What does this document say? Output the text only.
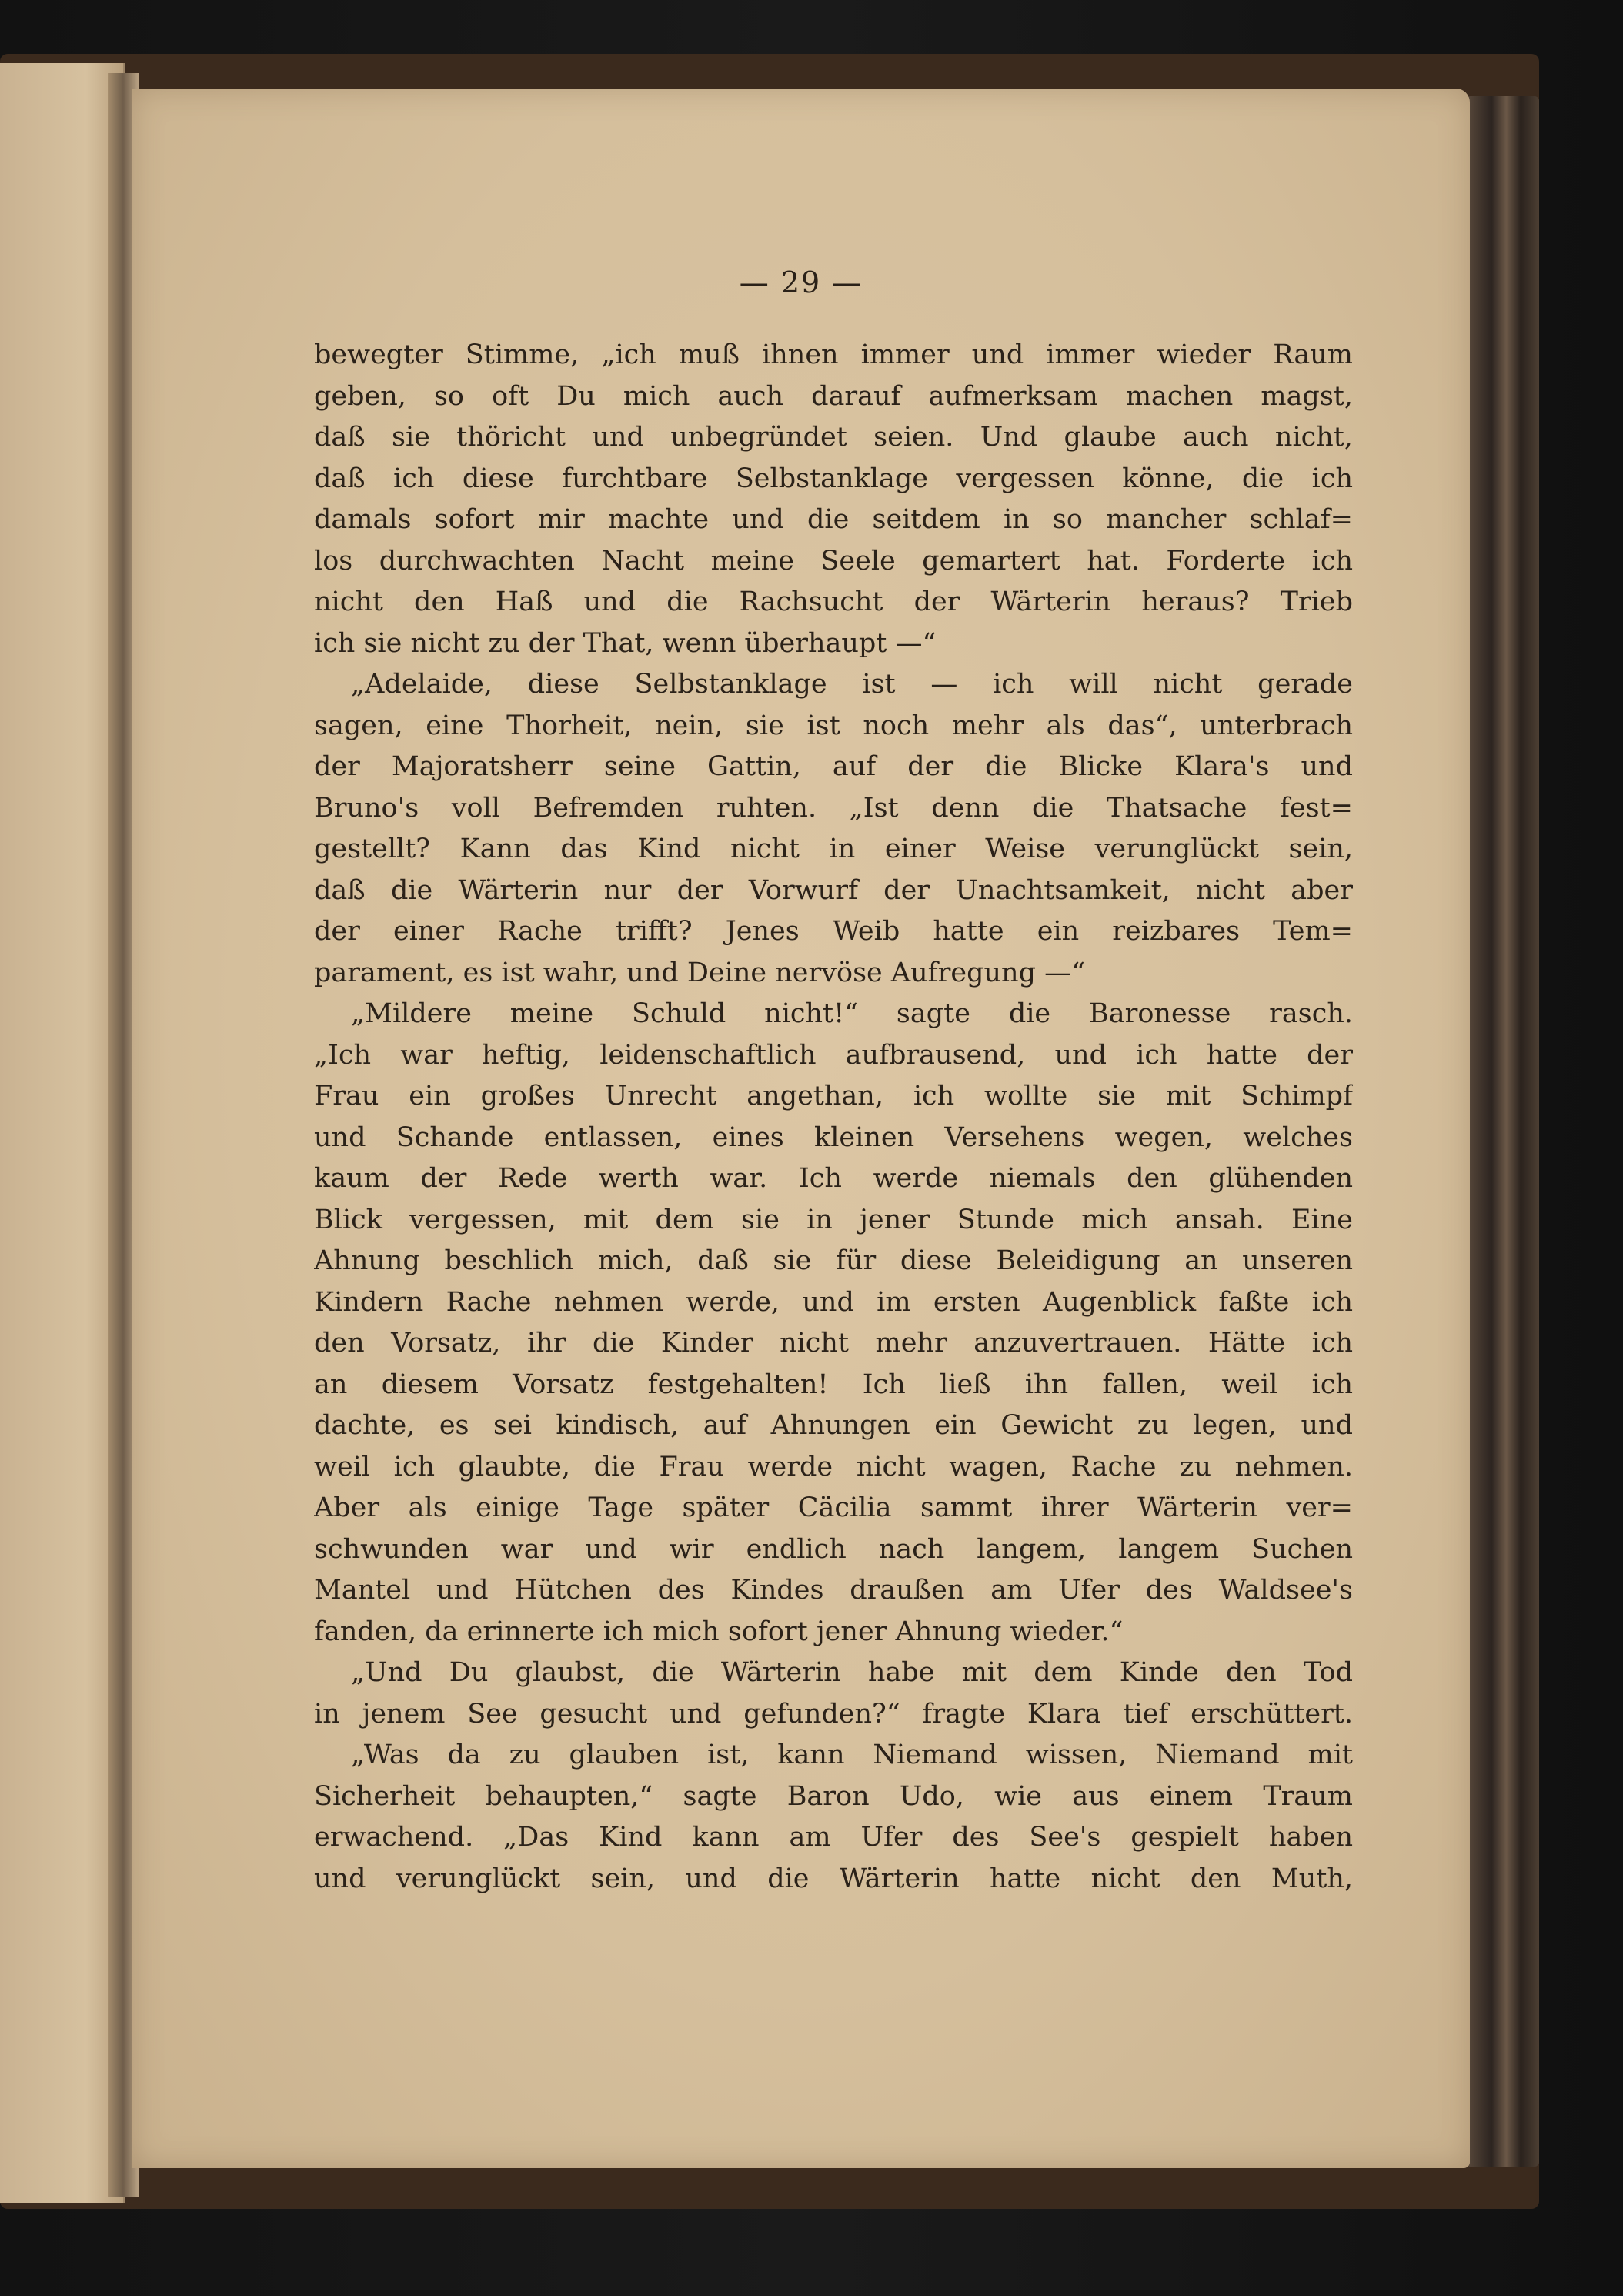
— 29 —
bewegter Stimme, „ich muß ihnen immer und immer wieder Raum
geben, so oft Du mich auch darauf aufmerksam machen magst,
daß sie thöricht und unbegründet seien. Und glaube auch nicht,
daß ich diese furchtbare Selbstanklage vergessen könne, die ich
damals sofort mir machte und die seitdem in so mancher schlaf=
los durchwachten Nacht meine Seele gemartert hat. Forderte ich
nicht den Haß und die Rachsucht der Wärterin heraus? Trieb
ich sie nicht zu der That, wenn überhaupt —“
„Adelaide, diese Selbstanklage ist — ich will nicht gerade
sagen, eine Thorheit, nein, sie ist noch mehr als das“, unterbrach
der Majoratsherr seine Gattin, auf der die Blicke Klara's und
Bruno's voll Befremden ruhten. „Ist denn die Thatsache fest=
gestellt? Kann das Kind nicht in einer Weise verunglückt sein,
daß die Wärterin nur der Vorwurf der Unachtsamkeit, nicht aber
der einer Rache trifft? Jenes Weib hatte ein reizbares Tem=
parament, es ist wahr, und Deine nervöse Aufregung —“
„Mildere meine Schuld nicht!“ sagte die Baronesse rasch.
„Ich war heftig, leidenschaftlich aufbrausend, und ich hatte der
Frau ein großes Unrecht angethan, ich wollte sie mit Schimpf
und Schande entlassen, eines kleinen Versehens wegen, welches
kaum der Rede werth war. Ich werde niemals den glühenden
Blick vergessen, mit dem sie in jener Stunde mich ansah. Eine
Ahnung beschlich mich, daß sie für diese Beleidigung an unseren
Kindern Rache nehmen werde, und im ersten Augenblick faßte ich
den Vorsatz, ihr die Kinder nicht mehr anzuvertrauen. Hätte ich
an diesem Vorsatz festgehalten! Ich ließ ihn fallen, weil ich
dachte, es sei kindisch, auf Ahnungen ein Gewicht zu legen, und
weil ich glaubte, die Frau werde nicht wagen, Rache zu nehmen.
Aber als einige Tage später Cäcilia sammt ihrer Wärterin ver=
schwunden war und wir endlich nach langem, langem Suchen
Mantel und Hütchen des Kindes draußen am Ufer des Waldsee's
fanden, da erinnerte ich mich sofort jener Ahnung wieder.“
„Und Du glaubst, die Wärterin habe mit dem Kinde den Tod
in jenem See gesucht und gefunden?“ fragte Klara tief erschüttert.
„Was da zu glauben ist, kann Niemand wissen, Niemand mit
Sicherheit behaupten,“ sagte Baron Udo, wie aus einem Traum
erwachend. „Das Kind kann am Ufer des See's gespielt haben
und verunglückt sein, und die Wärterin hatte nicht den Muth,
